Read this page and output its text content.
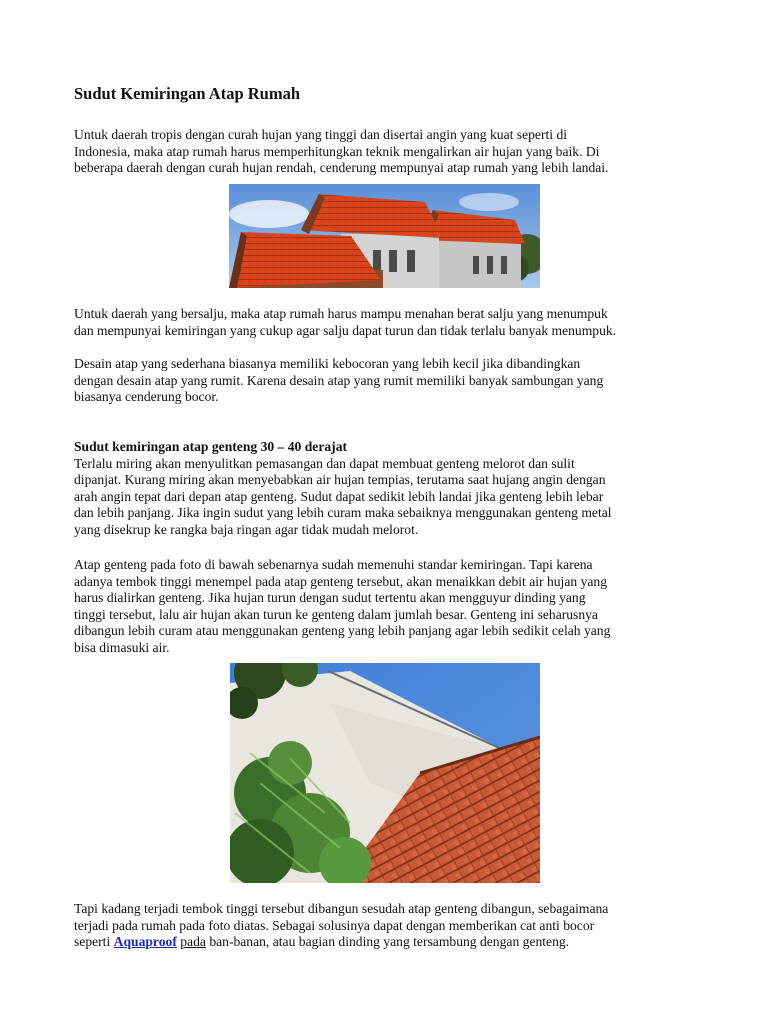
Sudut Kemiringan Atap Rumah

Untuk daerah tropis dengan curah hujan yang tinggi dan disertai angin yang kuat seperti di
Indonesia, maka atap rumah harus memperhitungkan teknik mengalirkan air hujan yang baik. Di
beberapa daerah dengan curah hujan rendah, cenderung mempunyai atap rumah yang lebih landai.

Untuk daerah yang bersalju, maka atap rumah harus mampu menahan berat salju yang menumpuk
dan mempunyai kemiringan yang cukup agar salju dapat turun dan tidak terlalu banyak menumpuk.

Desain atap yang sederhana biasanya memiliki kebocoran yang lebih kecil jika dibandingkan
dengan desain atap yang rumit. Karena desain atap yang rumit memiliki banyak sambungan yang
biasanya cenderung bocor.

Sudut kemiringan atap genteng 30 – 40 derajat
Terlalu miring akan menyulitkan pemasangan dan dapat membuat genteng melorot dan sulit
dipanjat. Kurang miring akan menyebabkan air hujan tempias, terutama saat hujang angin dengan
arah angin tepat dari depan atap genteng. Sudut dapat sedikit lebih landai jika genteng lebih lebar
dan lebih panjang. Jika ingin sudut yang lebih curam maka sebaiknya menggunakan genteng metal
yang disekrup ke rangka baja ringan agar tidak mudah melorot.

Atap genteng pada foto di bawah sebenarnya sudah memenuhi standar kemiringan. Tapi karena
adanya tembok tinggi menempel pada atap genteng tersebut, akan menaikkan debit air hujan yang
harus dialirkan genteng. Jika hujan turun dengan sudut tertentu akan mengguyur dinding yang
tinggi tersebut, lalu air hujan akan turun ke genteng dalam jumlah besar. Genteng ini seharusnya
dibangun lebih curam atau menggunakan genteng yang lebih panjang agar lebih sedikit celah yang
bisa dimasuki air.

Tapi kadang terjadi tembok tinggi tersebut dibangun sesudah atap genteng dibangun, sebagaimana
terjadi pada rumah pada foto diatas. Sebagai solusinya dapat dengan memberikan cat anti bocor
seperti Aquaproof pada ban-banan, atau bagian dinding yang tersambung dengan genteng.
